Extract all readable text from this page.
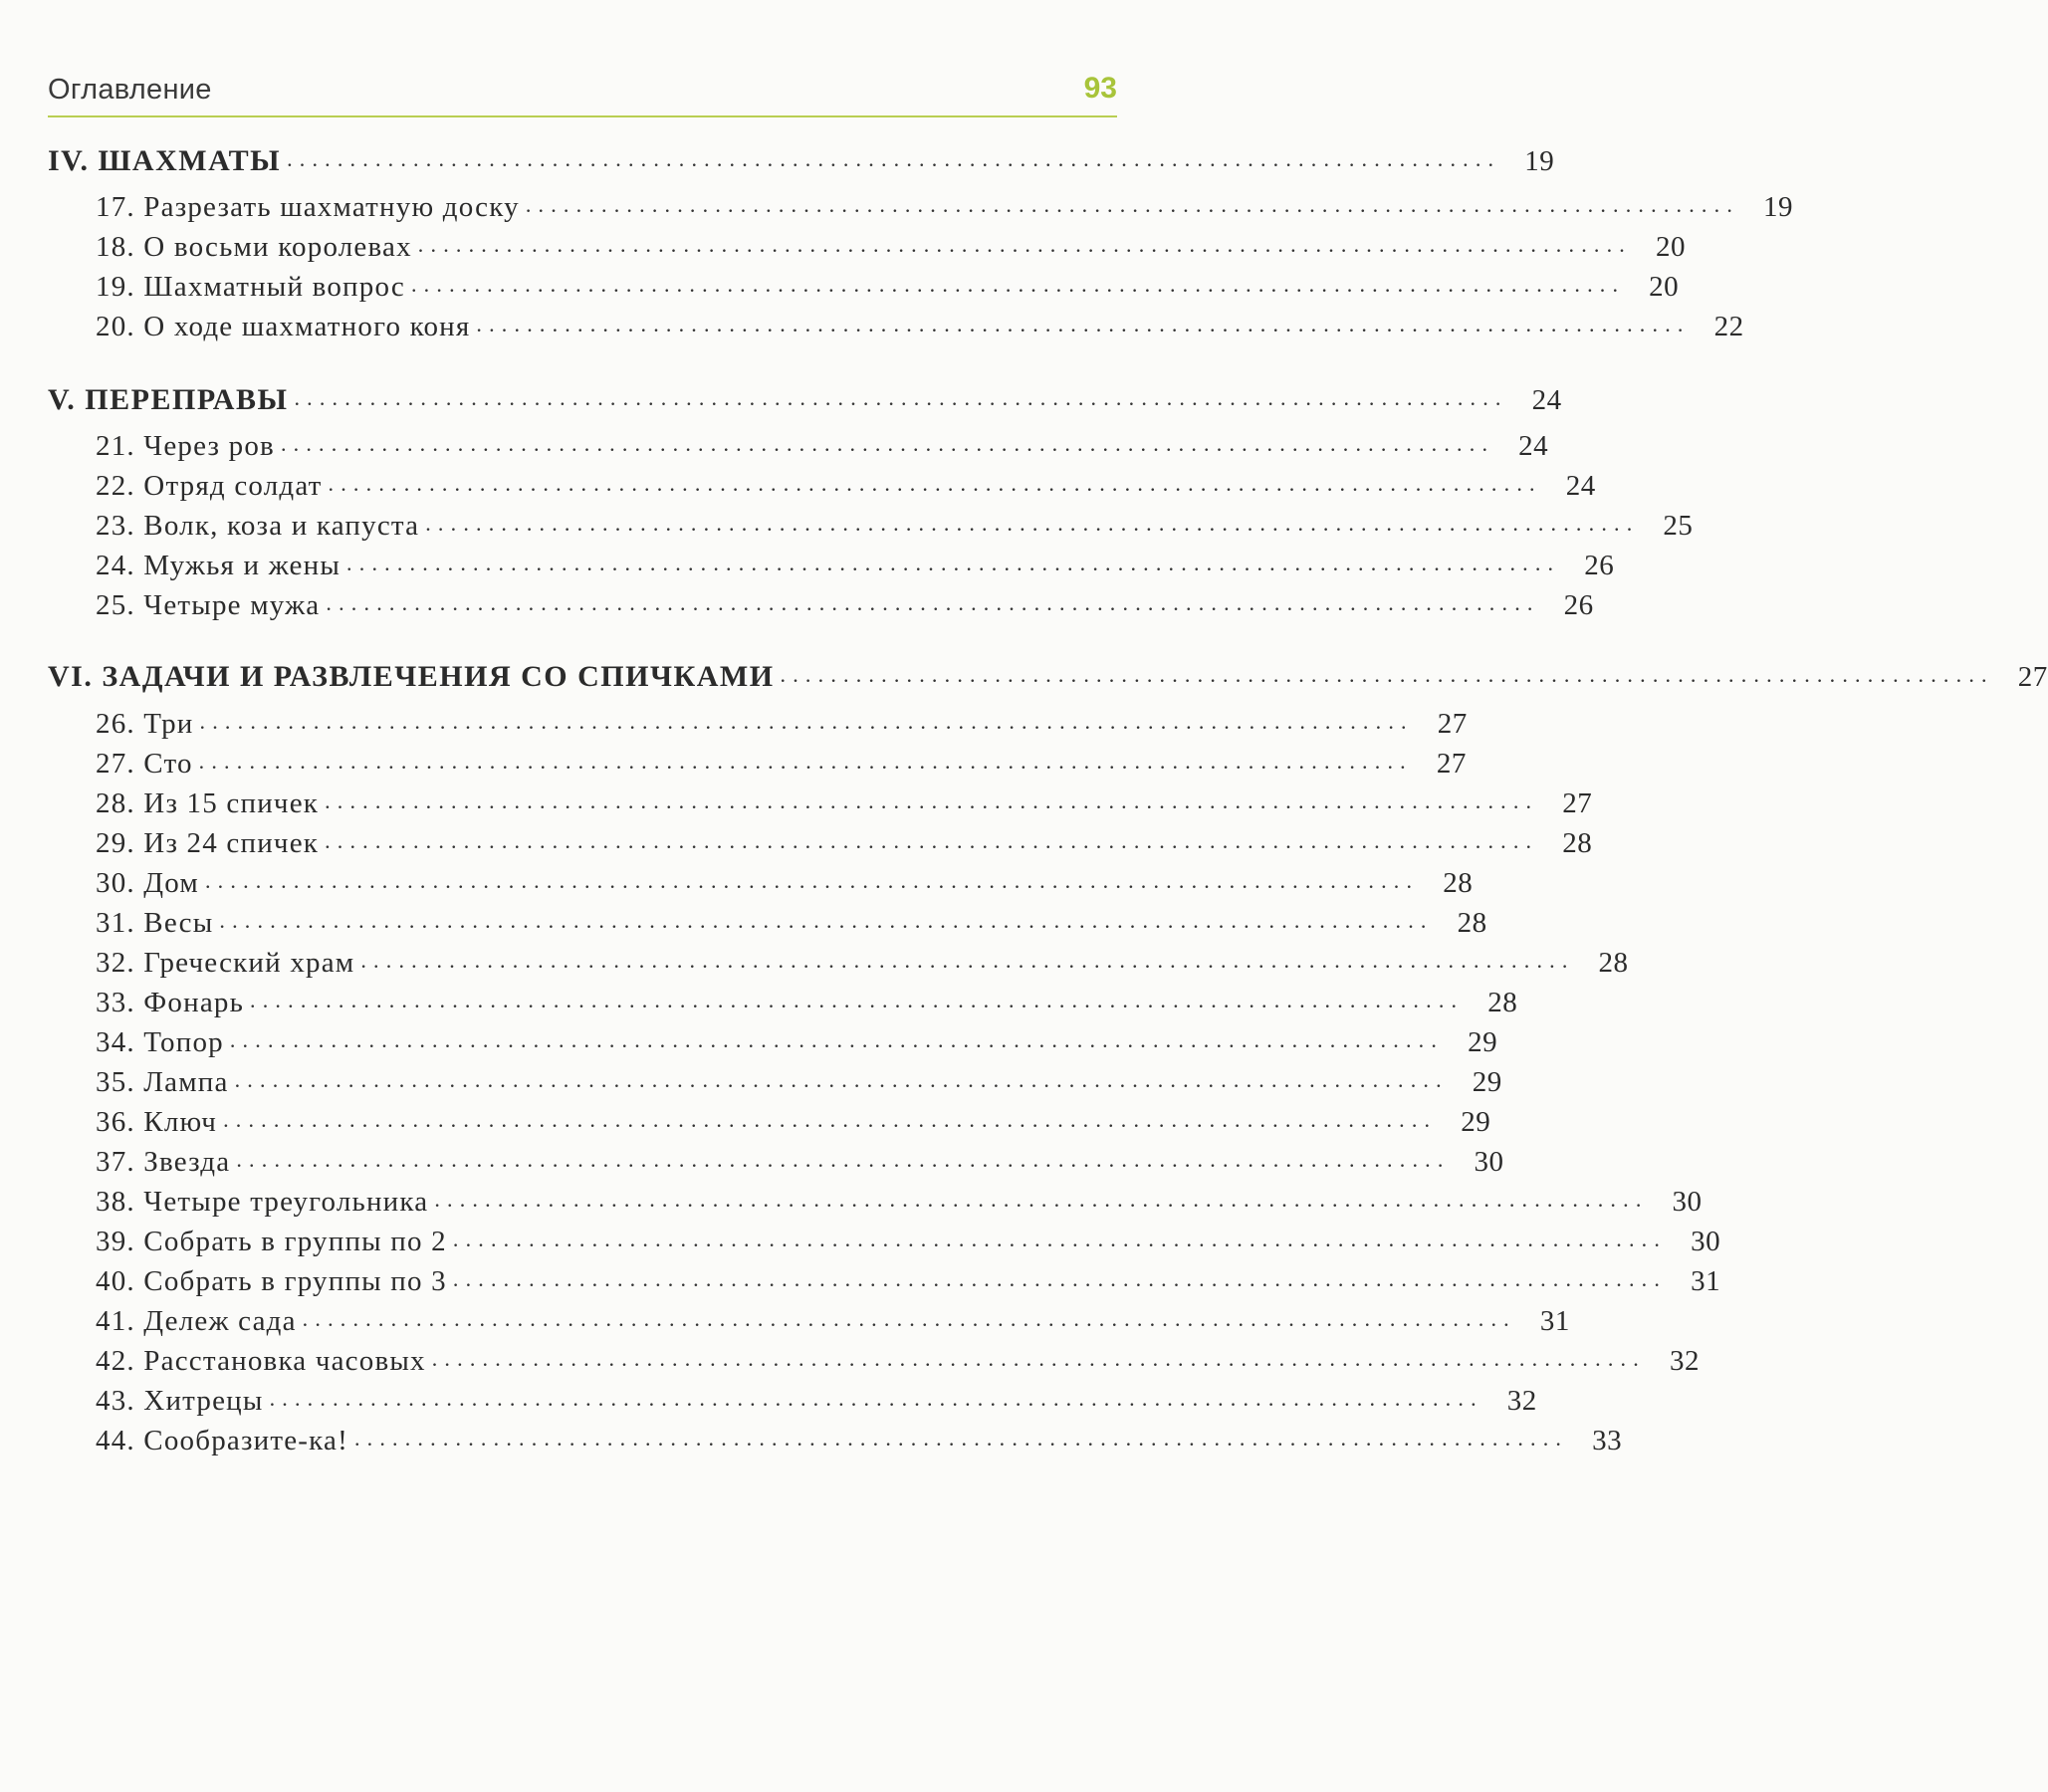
Оглавление	93
IV. ШАХМАТЫ ................................................................................................ 19
17. Разрезать шахматную доску ................................................................................................ 19
18. О восьми королевах ................................................................................................ 20
19. Шахматный вопрос ................................................................................................ 20
20. О ходе шахматного коня ................................................................................................ 22
V. ПЕРЕПРАВЫ ................................................................................................ 24
21. Через ров ................................................................................................ 24
22. Отряд солдат ................................................................................................ 24
23. Волк, коза и капуста ................................................................................................ 25
24. Мужья и жены ................................................................................................ 26
25. Четыре мужа ................................................................................................ 26
VI. ЗАДАЧИ И РАЗВЛЕЧЕНИЯ СО СПИЧКАМИ ................................................................................................ 27
26. Три ................................................................................................ 27
27. Сто ................................................................................................ 27
28. Из 15 спичек ................................................................................................ 27
29. Из 24 спичек ................................................................................................ 28
30. Дом ................................................................................................ 28
31. Весы ................................................................................................ 28
32. Греческий храм ................................................................................................ 28
33. Фонарь ................................................................................................ 28
34. Топор ................................................................................................ 29
35. Лампа ................................................................................................ 29
36. Ключ ................................................................................................ 29
37. Звезда ................................................................................................ 30
38. Четыре треугольника ................................................................................................ 30
39. Собрать в группы по 2 ................................................................................................ 30
40. Собрать в группы по 3 ................................................................................................ 31
41. Дележ сада ................................................................................................ 31
42. Расстановка часовых ................................................................................................ 32
43. Хитрецы ................................................................................................ 32
44. Сообразите-ка! ................................................................................................ 33
